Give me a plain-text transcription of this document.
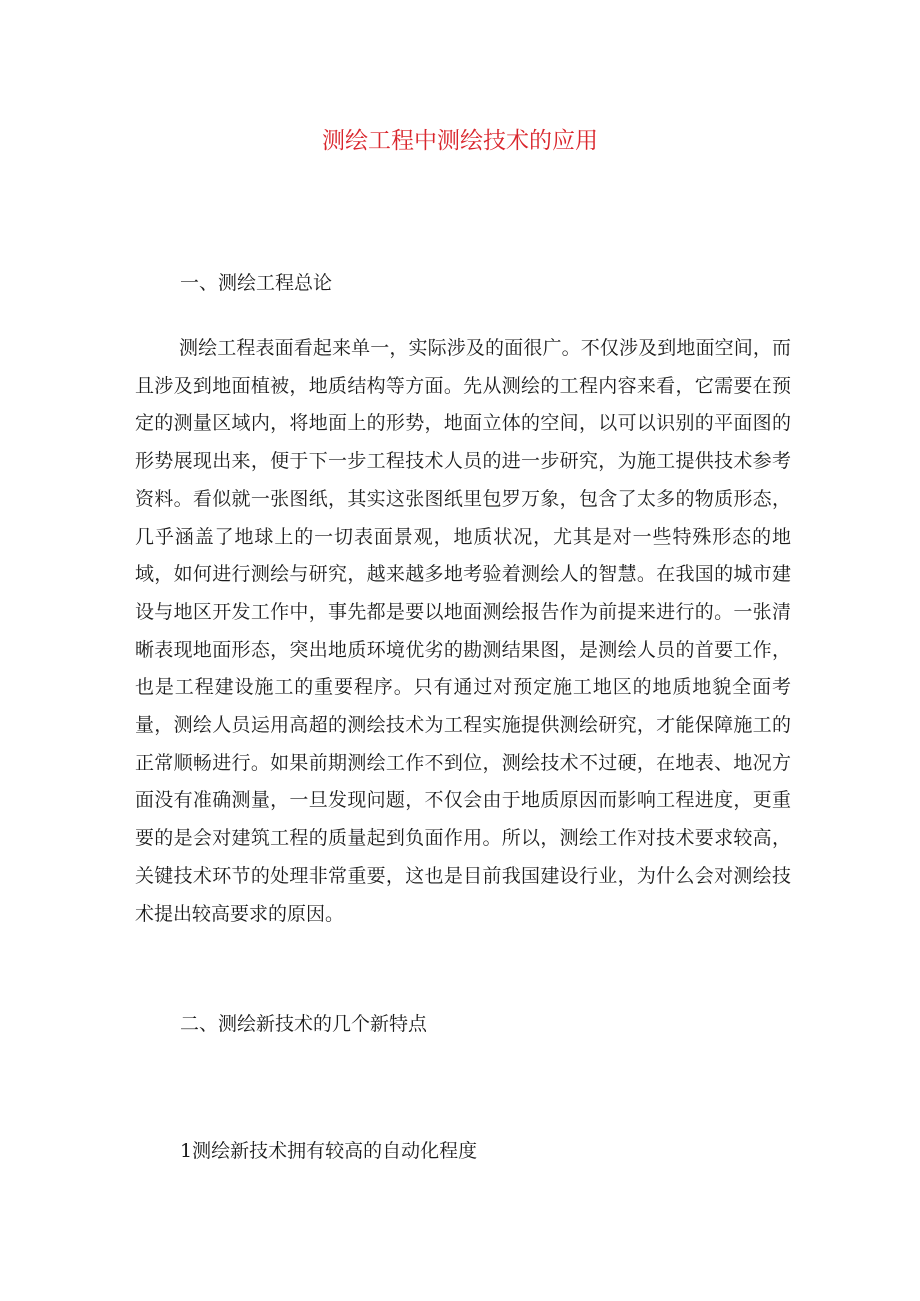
测绘工程中测绘技术的应用
一、测绘工程总论

测绘工程表面看起来单一，实际涉及的面很广。不仅涉及到地面空间，而且涉及到地面植被，地质结构等方面。先从测绘的工程内容来看，它需要在预定的测量区域内，将地面上的形势，地面立体的空间，以可以识别的平面图的形势展现出来，便于下一步工程技术人员的进一步研究，为施工提供技术参考资料。看似就一张图纸，其实这张图纸里包罗万象，包含了太多的物质形态，几乎涵盖了地球上的一切表面景观，地质状况，尤其是对一些特殊形态的地域，如何进行测绘与研究，越来越多地考验着测绘人的智慧。在我国的城市建设与地区开发工作中，事先都是要以地面测绘报告作为前提来进行的。一张清晰表现地面形态，突出地质环境优劣的勘测结果图，是测绘人员的首要工作，也是工程建设施工的重要程序。只有通过对预定施工地区的地质地貌全面考量，测绘人员运用高超的测绘技术为工程实施提供测绘研究，才能保障施工的正常顺畅进行。如果前期测绘工作不到位，测绘技术不过硬，在地表、地况方面没有准确测量，一旦发现问题，不仅会由于地质原因而影响工程进度，更重要的是会对建筑工程的质量起到负面作用。所以，测绘工作对技术要求较高，关键技术环节的处理非常重要，这也是目前我国建设行业，为什么会对测绘技术提出较高要求的原因。

二、测绘新技术的几个新特点
1测绘新技术拥有较高的自动化程度
